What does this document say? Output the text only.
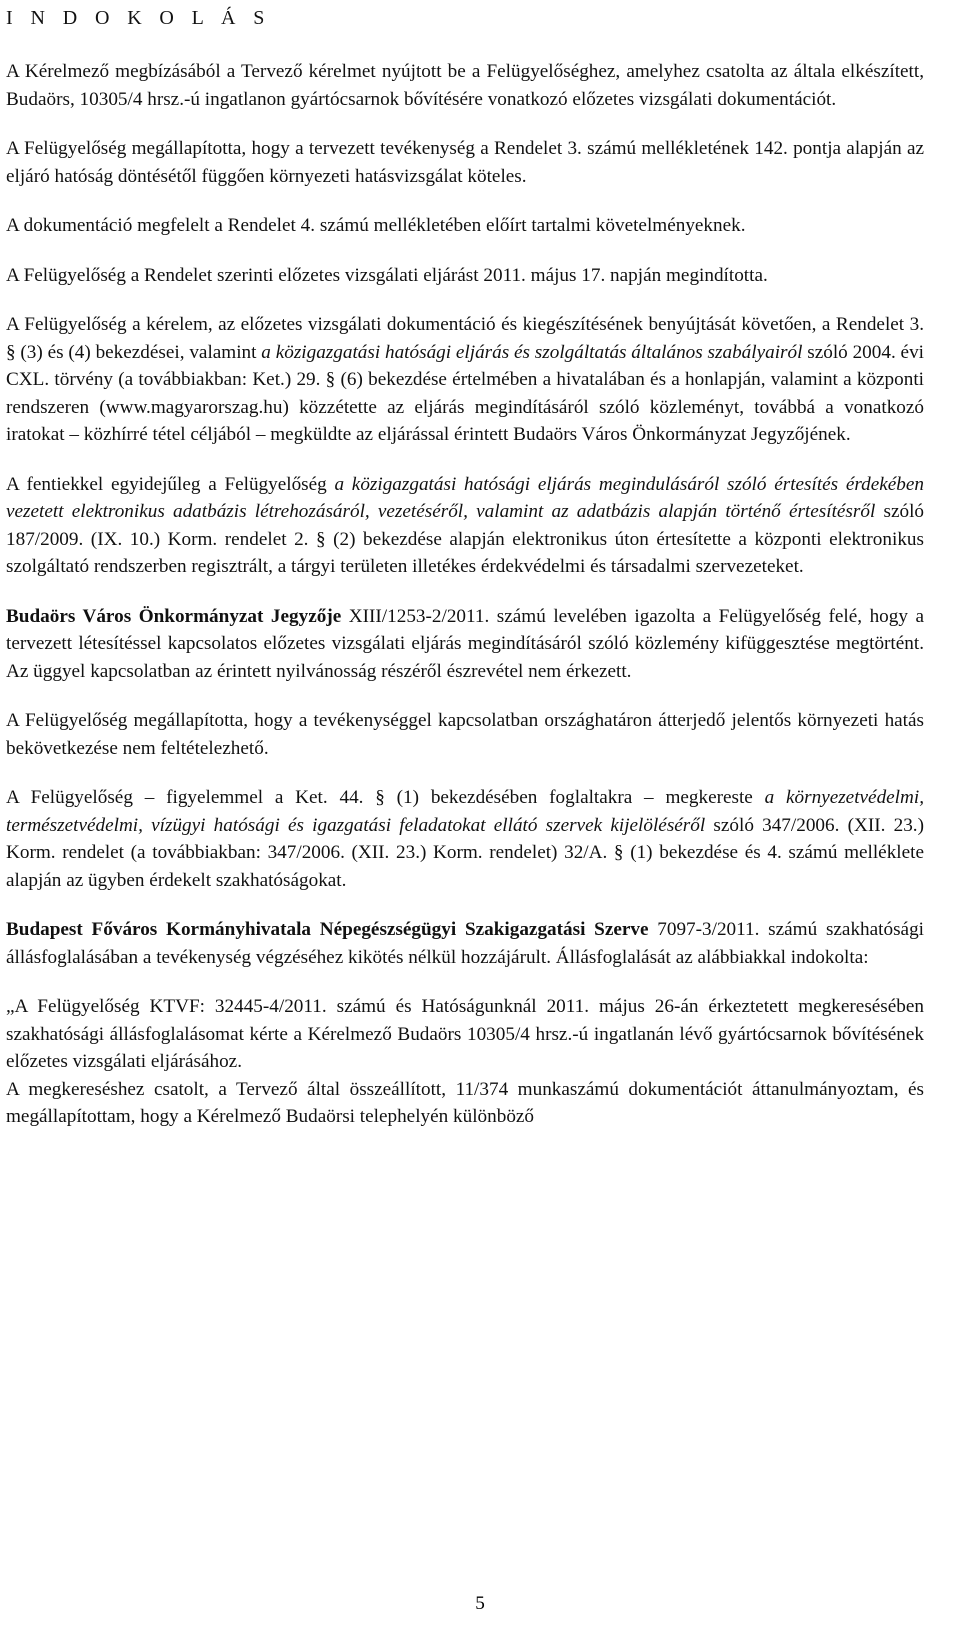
I N D O K O L Á S

A Kérelmező megbízásából a Tervező kérelmet nyújtott be a Felügyelőséghez, amelyhez csatolta az általa elkészített, Budaörs, 10305/4 hrsz.-ú ingatlanon gyártócsarnok bővítésére vonatkozó előzetes vizsgálati dokumentációt.

A Felügyelőség megállapította, hogy a tervezett tevékenység a Rendelet 3. számú mellékletének 142. pontja alapján az eljáró hatóság döntésétől függően környezeti hatásvizsgálat köteles.

A dokumentáció megfelelt a Rendelet 4. számú mellékletében előírt tartalmi követelményeknek.

A Felügyelőség a Rendelet szerinti előzetes vizsgálati eljárást 2011. május 17. napján megindította.

A Felügyelőség a kérelem, az előzetes vizsgálati dokumentáció és kiegészítésének benyújtását követően, a Rendelet 3. § (3) és (4) bekezdései, valamint a közigazgatási hatósági eljárás és szolgáltatás általános szabályairól szóló 2004. évi CXL. törvény (a továbbiakban: Ket.) 29. § (6) bekezdése értelmében a hivatalában és a honlapján, valamint a központi rendszeren (www.magyarorszag.hu) közzétette az eljárás megindításáról szóló közleményt, továbbá a vonatkozó iratokat – közhírré tétel céljából – megküldte az eljárással érintett Budaörs Város Önkormányzat Jegyzőjének.

A fentiekkel egyidejűleg a Felügyelőség a közigazgatási hatósági eljárás megindulásáról szóló értesítés érdekében vezetett elektronikus adatbázis létrehozásáról, vezetéséről, valamint az adatbázis alapján történő értesítésről szóló 187/2009. (IX. 10.) Korm. rendelet 2. § (2) bekezdése alapján elektronikus úton értesítette a központi elektronikus szolgáltató rendszerben regisztrált, a tárgyi területen illetékes érdekvédelmi és társadalmi szervezeteket.

Budaörs Város Önkormányzat Jegyzője XIII/1253-2/2011. számú levelében igazolta a Felügyelőség felé, hogy a tervezett létesítéssel kapcsolatos előzetes vizsgálati eljárás megindításáról szóló közlemény kifüggesztése megtörtént. Az üggyel kapcsolatban az érintett nyilvánosság részéről észrevétel nem érkezett.

A Felügyelőség megállapította, hogy a tevékenységgel kapcsolatban országhatáron átterjedő jelentős környezeti hatás bekövetkezése nem feltételezhető.

A Felügyelőség – figyelemmel a Ket. 44. § (1) bekezdésében foglaltakra – megkereste a környezetvédelmi, természetvédelmi, vízügyi hatósági és igazgatási feladatokat ellátó szervek kijelöléséről szóló 347/2006. (XII. 23.) Korm. rendelet (a továbbiakban: 347/2006. (XII. 23.) Korm. rendelet) 32/A. § (1) bekezdése és 4. számú melléklete alapján az ügyben érdekelt szakhatóságokat.

Budapest Főváros Kormányhivatala Népegészségügyi Szakigazgatási Szerve 7097-3/2011. számú szakhatósági állásfoglalásában a tevékenység végzéséhez kikötés nélkül hozzájárult. Állásfoglalását az alábbiakkal indokolta:

„A Felügyelőség KTVF: 32445-4/2011. számú és Hatóságunknál 2011. május 26-án érkeztetett megkeresésében szakhatósági állásfoglalásomat kérte a Kérelmező Budaörs 10305/4 hrsz.-ú ingatlanán lévő gyártócsarnok bővítésének előzetes vizsgálati eljárásához.

A megkereséshez csatolt, a Tervező által összeállított, 11/374 munkaszámú dokumentációt áttanulmányoztam, és megállapítottam, hogy a Kérelmező Budaörsi telephelyén különböző

5
